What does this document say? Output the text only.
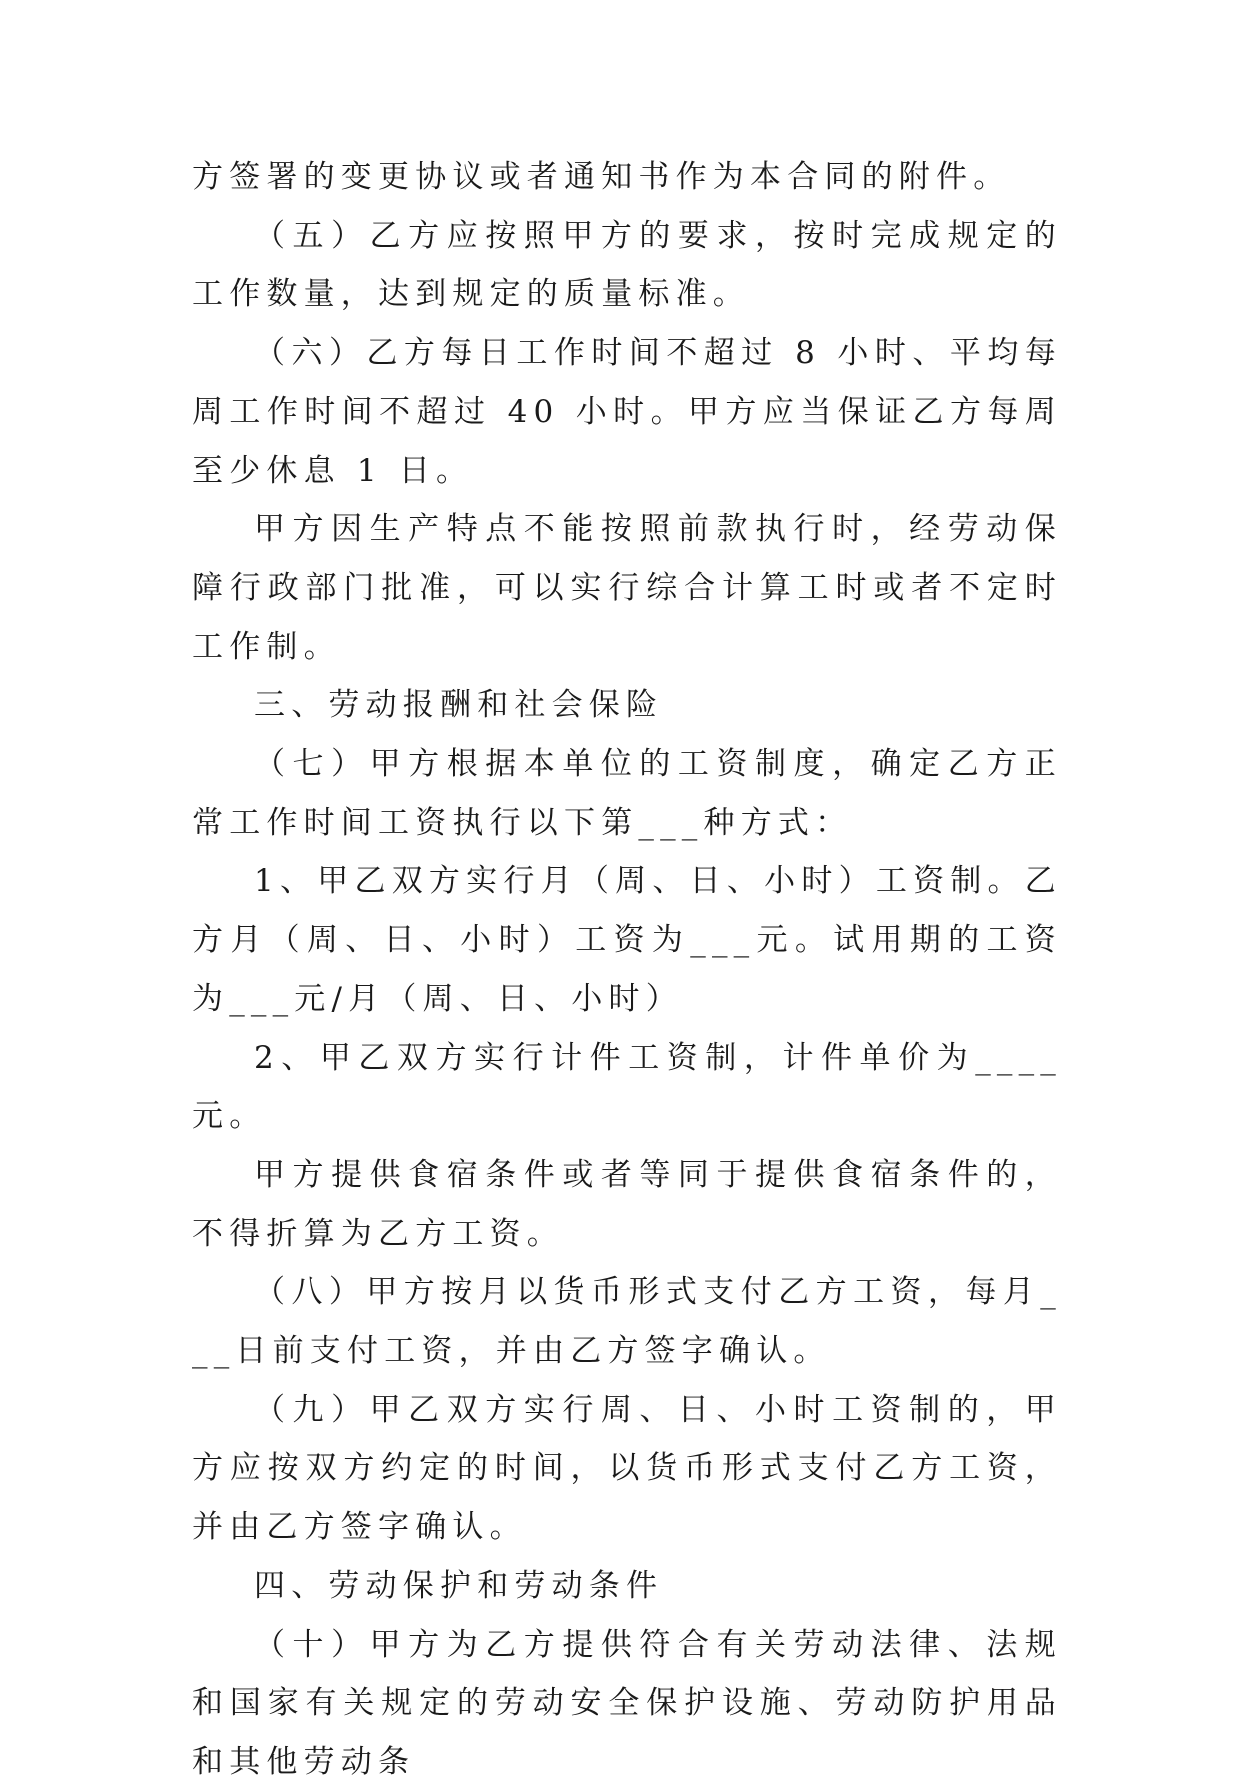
方签署的变更协议或者通知书作为本合同的附件。

（五）乙方应按照甲方的要求，按时完成规定的工作数量，达到规定的质量标准。

（六）乙方每日工作时间不超过 8 小时、平均每周工作时间不超过 40 小时。甲方应当保证乙方每周至少休息 1 日。

甲方因生产特点不能按照前款执行时，经劳动保障行政部门批准，可以实行综合计算工时或者不定时工作制。

三、劳动报酬和社会保险

（七）甲方根据本单位的工资制度，确定乙方正常工作时间工资执行以下第___种方式：

1、甲乙双方实行月（周、日、小时）工资制。乙方月（周、日、小时）工资为___元。试用期的工资为___元/月（周、日、小时）

2、甲乙双方实行计件工资制，计件单价为____元。

甲方提供食宿条件或者等同于提供食宿条件的，不得折算为乙方工资。

（八）甲方按月以货币形式支付乙方工资，每月___日前支付工资，并由乙方签字确认。

（九）甲乙双方实行周、日、小时工资制的，甲方应按双方约定的时间，以货币形式支付乙方工资，并由乙方签字确认。

四、劳动保护和劳动条件

（十）甲方为乙方提供符合有关劳动法律、法规和国家有关规定的劳动安全保护设施、劳动防护用品和其他劳动条
